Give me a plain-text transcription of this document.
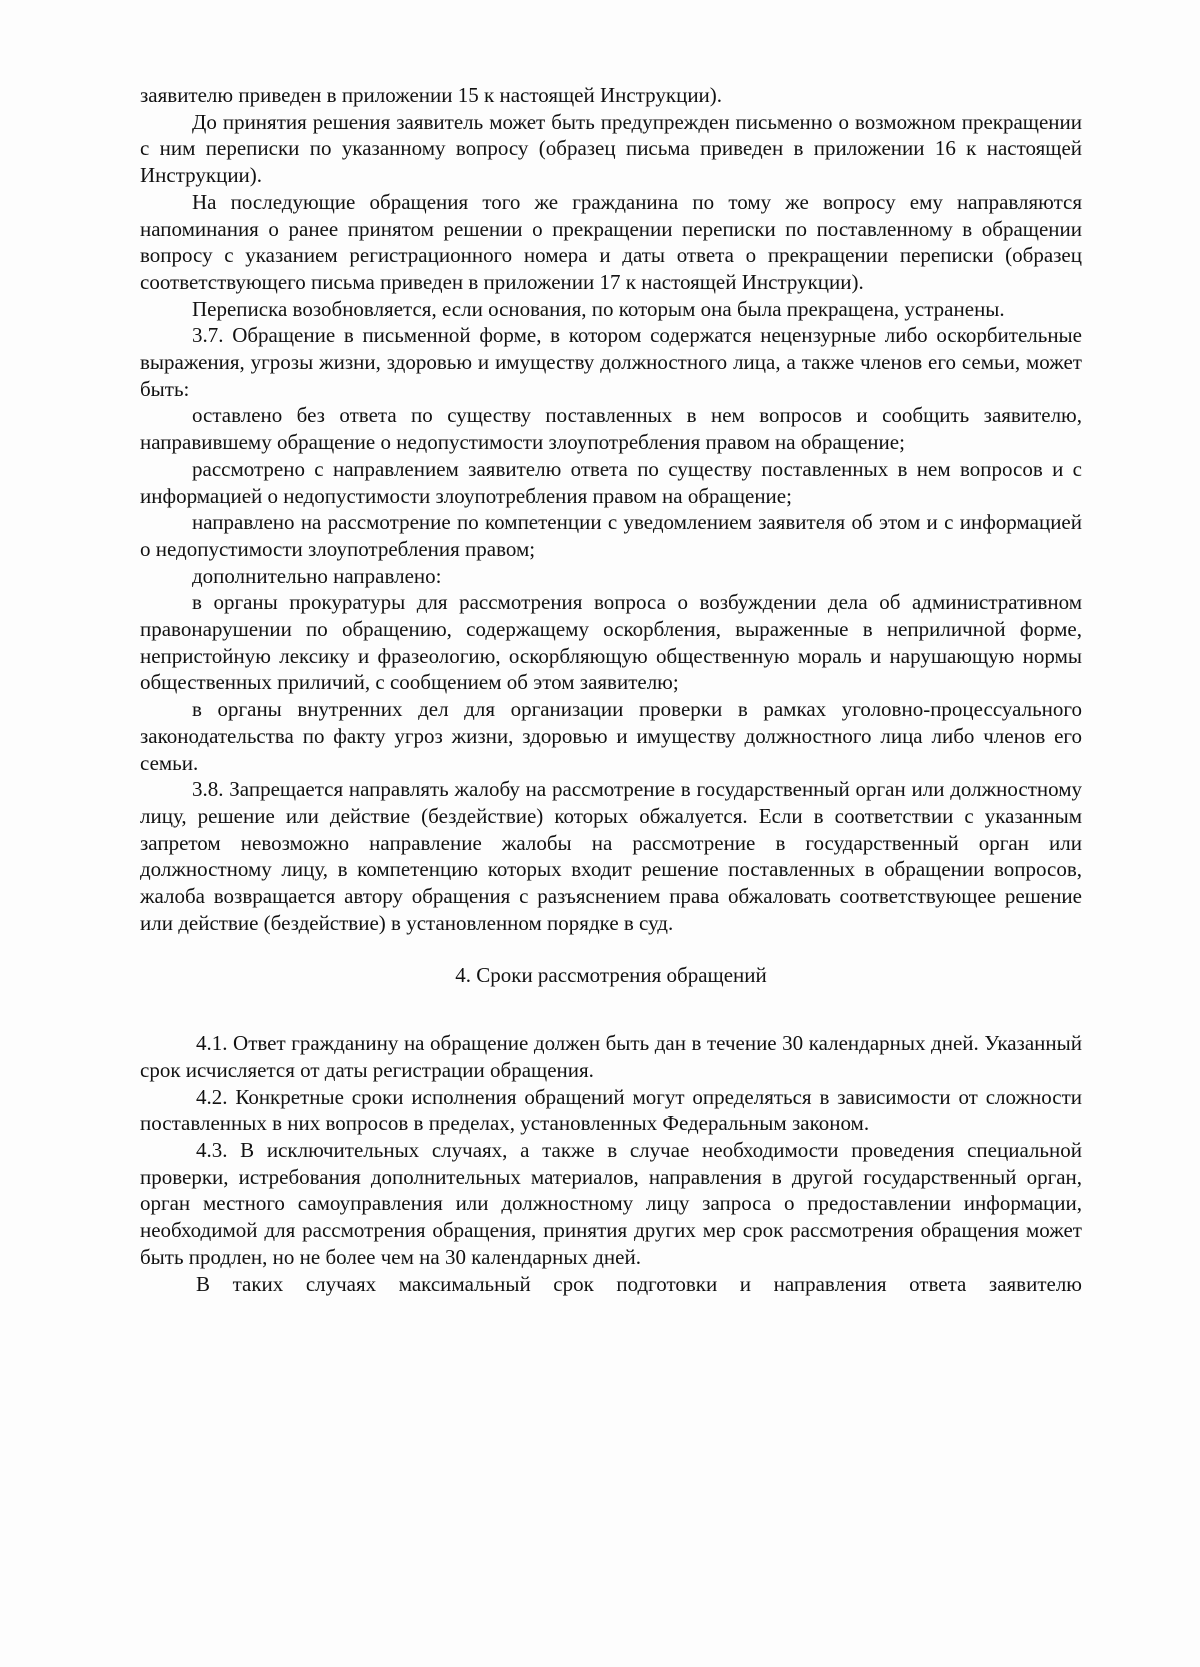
заявителю приведен в приложении 15 к настоящей Инструкции).

До принятия решения заявитель может быть предупрежден письменно о возможном прекращении с ним переписки по указанному вопросу (образец письма приведен в приложении 16 к настоящей Инструкции).

На последующие обращения того же гражданина по тому же вопросу ему направляются напоминания о ранее принятом решении о прекращении переписки по поставленному в обращении вопросу с указанием регистрационного номера и даты ответа о прекращении переписки (образец соответствующего письма приведен в приложении 17 к настоящей Инструкции).

Переписка возобновляется, если основания, по которым она была прекращена, устранены.

3.7. Обращение в письменной форме, в котором содержатся нецензурные либо оскорбительные выражения, угрозы жизни, здоровью и имуществу должностного лица, а также членов его семьи, может быть:

оставлено без ответа по существу поставленных в нем вопросов и сообщить заявителю, направившему обращение о недопустимости злоупотребления правом на обращение;

рассмотрено с направлением заявителю ответа по существу поставленных в нем вопросов и с информацией о недопустимости злоупотребления правом на обращение;

направлено на рассмотрение по компетенции с уведомлением заявителя об этом и с информацией о недопустимости злоупотребления правом;

дополнительно направлено:

в органы прокуратуры для рассмотрения вопроса о возбуждении дела об административном правонарушении по обращению, содержащему оскорбления, выраженные в неприличной форме, непристойную лексику и фразеологию, оскорбляющую общественную мораль и нарушающую нормы общественных приличий, с сообщением об этом заявителю;

в органы внутренних дел для организации проверки в рамках уголовно-процессуального законодательства по факту угроз жизни, здоровью и имуществу должностного лица либо членов его семьи.

3.8. Запрещается направлять жалобу на рассмотрение в государственный орган или должностному лицу, решение или действие (бездействие) которых обжалуется. Если в соответствии с указанным запретом невозможно направление жалобы на рассмотрение в государственный орган или должностному лицу, в компетенцию которых входит решение поставленных в обращении вопросов, жалоба возвращается автору обращения с разъяснением права обжаловать соответствующее решение или действие (бездействие) в установленном порядке в суд.

4. Сроки рассмотрения обращений

4.1. Ответ гражданину на обращение должен быть дан в течение 30 календарных дней. Указанный срок исчисляется от даты регистрации обращения.

4.2. Конкретные сроки исполнения обращений могут определяться в зависимости от сложности поставленных в них вопросов в пределах, установленных Федеральным законом.

4.3. В исключительных случаях, а также в случае необходимости проведения специальной проверки, истребования дополнительных материалов, направления в другой государственный орган, орган местного самоуправления или должностному лицу запроса о предоставлении информации, необходимой для рассмотрения обращения, принятия других мер срок рассмотрения обращения может быть продлен, но не более чем на 30 календарных дней.

В таких случаях максимальный срок подготовки и направления ответа заявителю
